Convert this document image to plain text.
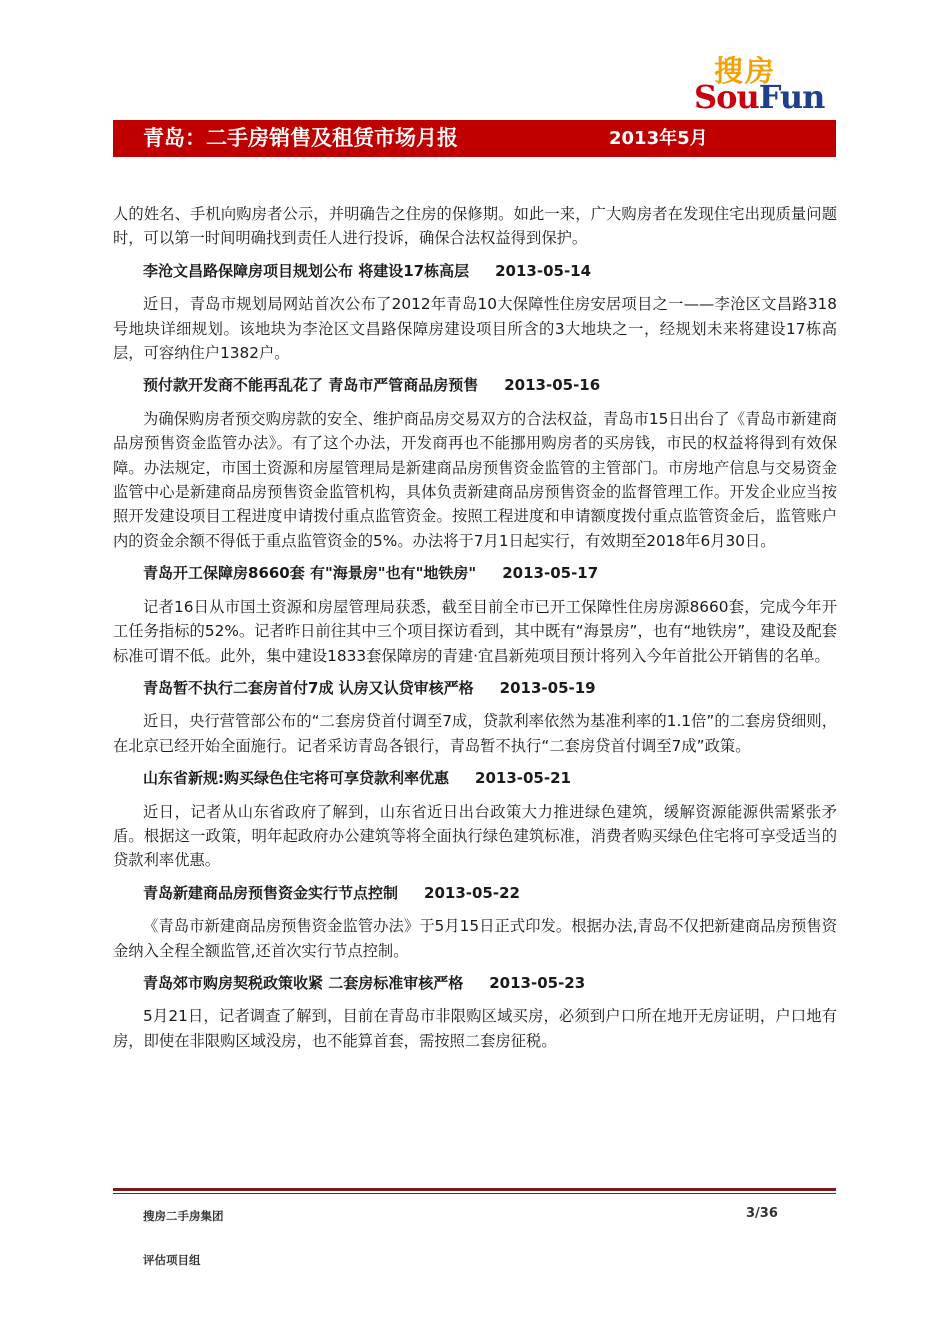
搜房
SouFun
青岛：二手房销售及租赁市场月报	2013年5月

人的姓名、手机向购房者公示，并明确告之住房的保修期。如此一来，广大购房者在发现住宅出现质量问题时，可以第一时间明确找到责任人进行投诉，确保合法权益得到保护。

李沧文昌路保障房项目规划公布 将建设17栋高层 2013-05-14

近日，青岛市规划局网站首次公布了2012年青岛10大保障性住房安居项目之一——李沧区文昌路318号地块详细规划。该地块为李沧区文昌路保障房建设项目所含的3大地块之一，经规划未来将建设17栋高层，可容纳住户1382户。

预付款开发商不能再乱花了 青岛市严管商品房预售 2013-05-16

为确保购房者预交购房款的安全、维护商品房交易双方的合法权益，青岛市15日出台了《青岛市新建商品房预售资金监管办法》。有了这个办法，开发商再也不能挪用购房者的买房钱，市民的权益将得到有效保障。办法规定，市国土资源和房屋管理局是新建商品房预售资金监管的主管部门。市房地产信息与交易资金监管中心是新建商品房预售资金监管机构，具体负责新建商品房预售资金的监督管理工作。开发企业应当按照开发建设项目工程进度申请拨付重点监管资金。按照工程进度和申请额度拨付重点监管资金后，监管账户内的资金余额不得低于重点监管资金的5%。办法将于7月1日起实行，有效期至2018年6月30日。

青岛开工保障房8660套 有"海景房"也有"地铁房" 2013-05-17

记者16日从市国土资源和房屋管理局获悉，截至目前全市已开工保障性住房房源8660套，完成今年开工任务指标的52%。记者昨日前往其中三个项目探访看到，其中既有“海景房”，也有“地铁房”，建设及配套标准可谓不低。此外，集中建设1833套保障房的青建·宜昌新苑项目预计将列入今年首批公开销售的名单。

青岛暂不执行二套房首付7成 认房又认贷审核严格 2013-05-19

近日，央行营管部公布的“二套房贷首付调至7成，贷款利率依然为基准利率的1.1倍”的二套房贷细则，在北京已经开始全面施行。记者采访青岛各银行，青岛暂不执行“二套房贷首付调至7成”政策。

山东省新规:购买绿色住宅将可享贷款利率优惠 2013-05-21

近日，记者从山东省政府了解到，山东省近日出台政策大力推进绿色建筑，缓解资源能源供需紧张矛盾。根据这一政策，明年起政府办公建筑等将全面执行绿色建筑标准，消费者购买绿色住宅将可享受适当的贷款利率优惠。

青岛新建商品房预售资金实行节点控制 2013-05-22

《青岛市新建商品房预售资金监管办法》于5月15日正式印发。根据办法,青岛不仅把新建商品房预售资金纳入全程全额监管,还首次实行节点控制。

青岛郊市购房契税政策收紧 二套房标准审核严格 2013-05-23

5月21日，记者调查了解到，目前在青岛市非限购区域买房，必须到户口所在地开无房证明，户口地有房，即使在非限购区域没房，也不能算首套，需按照二套房征税。

搜房二手房集团	3/36
评估项目组
